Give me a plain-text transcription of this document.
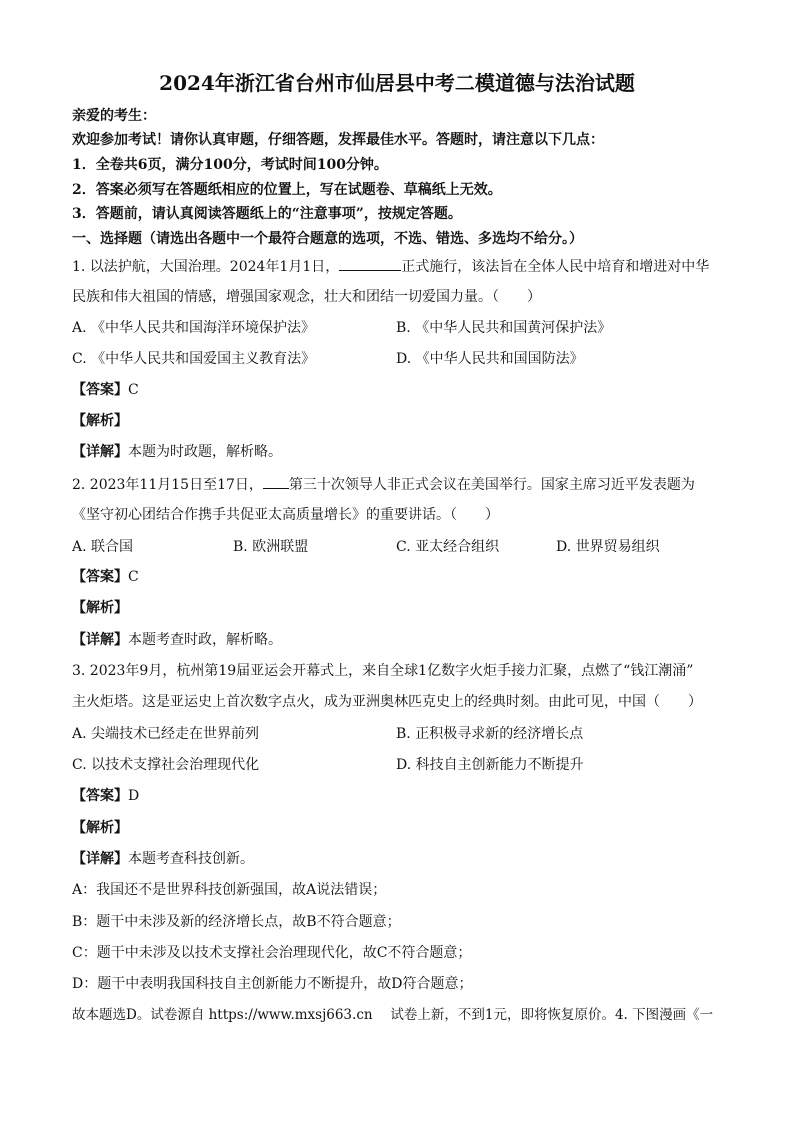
2024年浙江省台州市仙居县中考二模道德与法治试题
亲爱的考生：
欢迎参加考试！请你认真审题，仔细答题，发挥最佳水平。答题时，请注意以下几点：
1．全卷共6页，满分100分，考试时间100分钟。
2．答案必须写在答题纸相应的位置上，写在试题卷、草稿纸上无效。
3．答题前，请认真阅读答题纸上的“注意事项”，按规定答题。
一、选择题（请选出各题中一个最符合题意的选项，不选、错选、多选均不给分。）
1. 以法护航，大国治理。2024年1月1日，	正式施行，该法旨在全体人民中培育和增进对中华
民族和伟大祖国的情感，增强国家观念，壮大和团结一切爱国力量。（　　）
A. 《中华人民共和国海洋环境保护法》	B. 《中华人民共和国黄河保护法》
C. 《中华人民共和国爱国主义教育法》	D. 《中华人民共和国国防法》
【答案】C
【解析】
【详解】本题为时政题，解析略。
2. 2023年11月15日至17日， 第三十次领导人非正式会议在美国举行。国家主席习近平发表题为
《坚守初心团结合作携手共促亚太高质量增长》的重要讲话。（　　）
A. 联合国	B. 欧洲联盟	C. 亚太经合组织	D. 世界贸易组织
【答案】C
【解析】
【详解】本题考查时政，解析略。
3. 2023年9月，杭州第19届亚运会开幕式上，来自全球1亿数字火炬手接力汇聚，点燃了“钱江潮涌”
主火炬塔。这是亚运史上首次数字点火，成为亚洲奥林匹克史上的经典时刻。由此可见，中国（　　）
A. 尖端技术已经走在世界前列	B. 正积极寻求新的经济增长点
C. 以技术支撑社会治理现代化	D. 科技自主创新能力不断提升
【答案】D
【解析】
【详解】本题考查科技创新。
A：我国还不是世界科技创新强国，故A说法错误；
B：题干中未涉及新的经济增长点，故B不符合题意；
C：题干中未涉及以技术支撑社会治理现代化，故C不符合题意；
D：题干中表明我国科技自主创新能力不断提升，故D符合题意；
故本题选D。试卷源自 https://www.mxsj663.cn　 试卷上新，不到1元，即将恢复原价。4. 下图漫画《一
